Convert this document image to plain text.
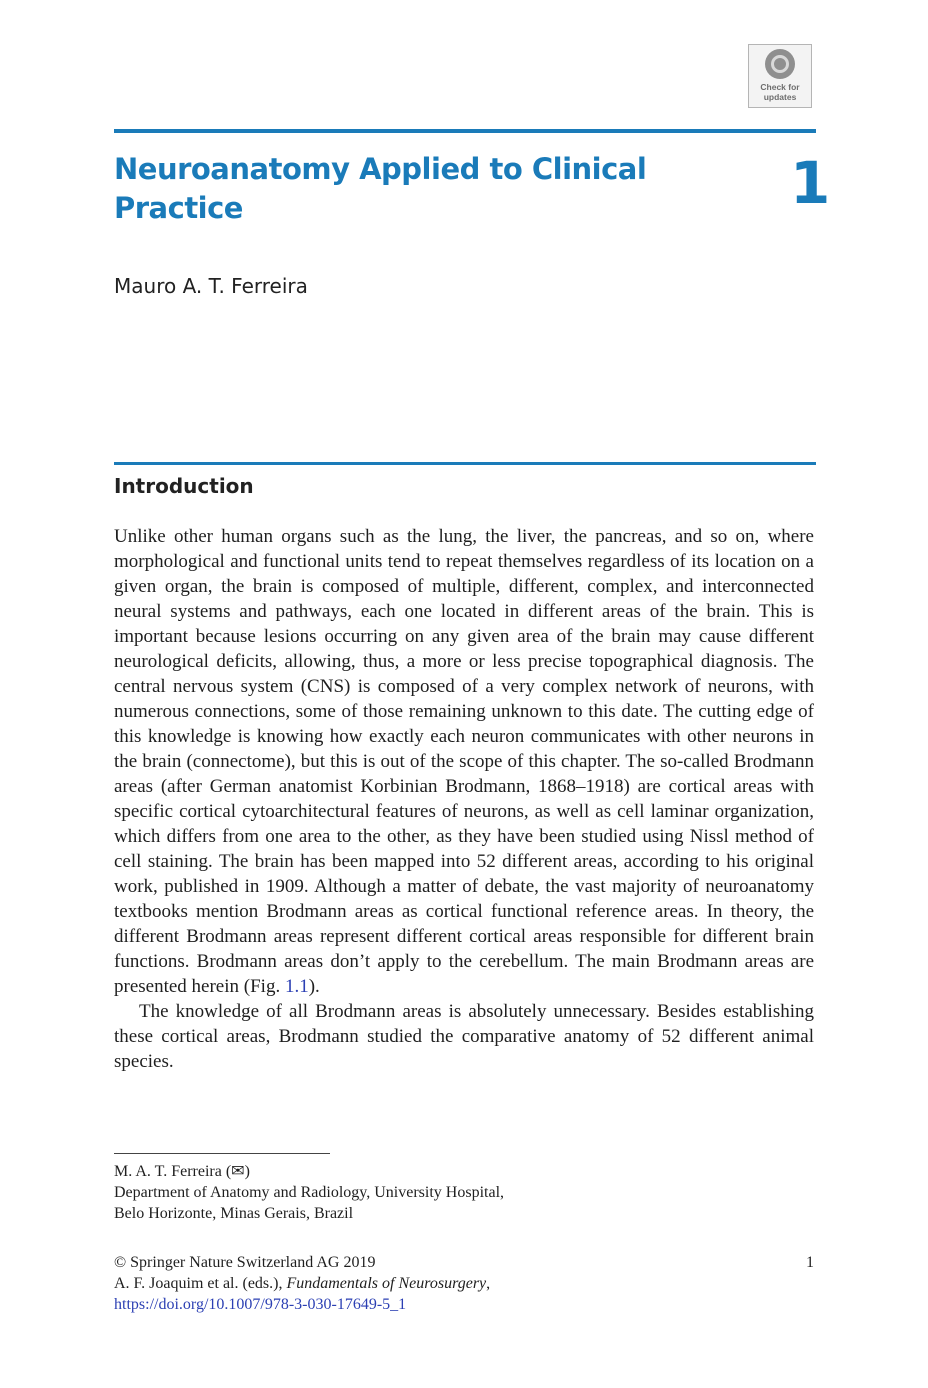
Check for
updates
Neuroanatomy Applied to Clinical Practice	1
Mauro A. T. Ferreira
Introduction

Unlike other human organs such as the lung, the liver, the pancreas, and so on, where morphological and functional units tend to repeat themselves regardless of its location on a given organ, the brain is composed of multiple, different, complex, and interconnected neural systems and pathways, each one located in different areas of the brain. This is important because lesions occurring on any given area of the brain may cause different neurological deficits, allowing, thus, a more or less precise topographical diagnosis. The central nervous system (CNS) is composed of a very complex network of neurons, with numerous connections, some of those remaining unknown to this date. The cutting edge of this knowledge is knowing how exactly each neuron communicates with other neurons in the brain (connectome), but this is out of the scope of this chapter. The so-called Brodmann areas (after German anatomist Korbinian Brodmann, 1868–1918) are cortical areas with specific cortical cytoarchitectural features of neurons, as well as cell laminar organization, which differs from one area to the other, as they have been studied using Nissl method of cell staining. The brain has been mapped into 52 different areas, according to his original work, published in 1909. Although a matter of debate, the vast majority of neuroanatomy textbooks mention Brodmann areas as cortical functional reference areas. In theory, the different Brodmann areas represent different cortical areas responsible for different brain functions. Brodmann areas don’t apply to the cerebellum. The main Brodmann areas are presented herein (Fig. 1.1).

The knowledge of all Brodmann areas is absolutely unnecessary. Besides establishing these cortical areas, Brodmann studied the comparative anatomy of 52 different animal species.

M. A. T. Ferreira (✉)
Department of Anatomy and Radiology, University Hospital,
Belo Horizonte, Minas Gerais, Brazil
© Springer Nature Switzerland AG 2019
A. F. Joaquim et al. (eds.), Fundamentals of Neurosurgery,
https://doi.org/10.1007/978-3-030-17649-5_1
1
